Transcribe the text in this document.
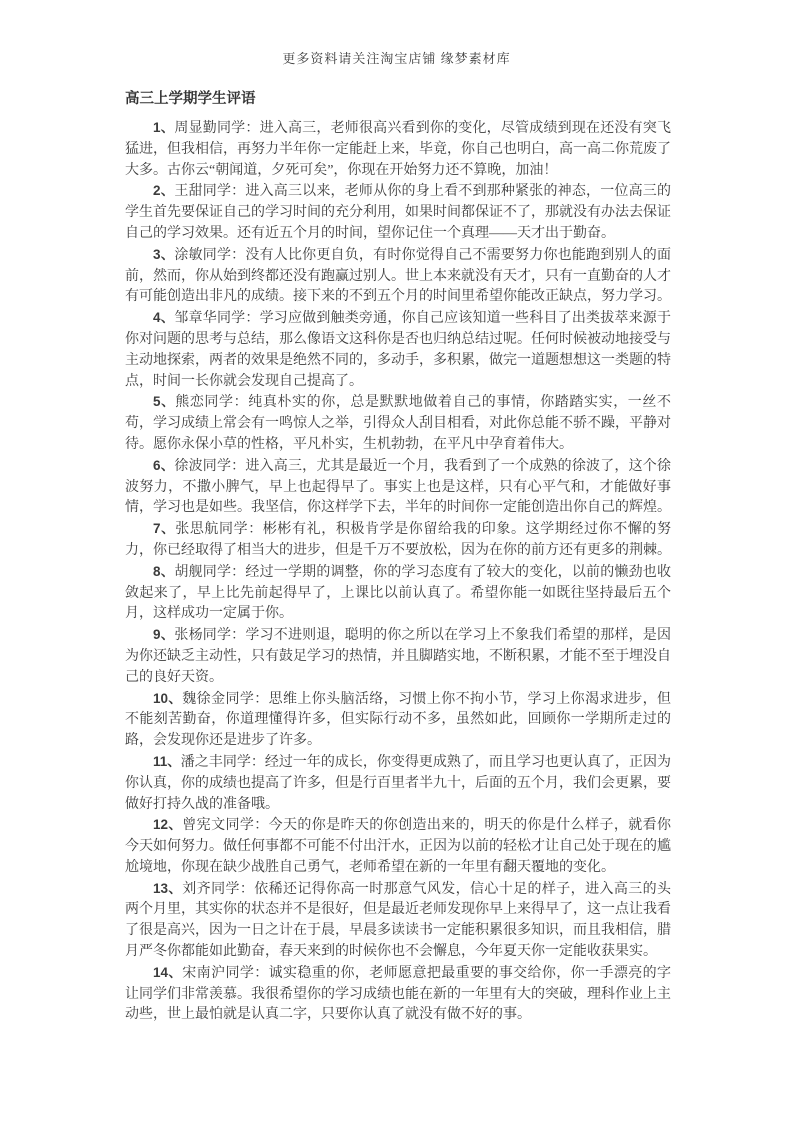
更多资料请关注淘宝店铺 缘梦素材库
高三上学期学生评语

1、周显勤同学：进入高三，老师很高兴看到你的变化，尽管成绩到现在还没有突飞猛进，但我相信，再努力半年你一定能赶上来，毕竟，你自己也明白，高一高二你荒废了大多。古你云“朝闻道，夕死可矣”，你现在开始努力还不算晚，加油！

2、王甜同学：进入高三以来，老师从你的身上看不到那种紧张的神态，一位高三的学生首先要保证自己的学习时间的充分利用，如果时间都保证不了，那就没有办法去保证自己的学习效果。还有近五个月的时间，望你记住一个真理——天才出于勤奋。

3、涂敏同学：没有人比你更自负，有时你觉得自己不需要努力你也能跑到别人的面前，然而，你从始到终都还没有跑赢过别人。世上本来就没有天才，只有一直勤奋的人才有可能创造出非凡的成绩。接下来的不到五个月的时间里希望你能改正缺点，努力学习。

4、邹章华同学：学习应做到触类旁通，你自己应该知道一些科目了出类拔萃来源于你对问题的思考与总结，那么像语文这科你是否也归纳总结过呢。任何时候被动地接受与主动地探索，两者的效果是绝然不同的，多动手，多积累，做完一道题想想这一类题的特点，时间一长你就会发现自己提高了。

5、熊恋同学：纯真朴实的你，总是默默地做着自己的事情，你踏踏实实，一丝不苟，学习成绩上常会有一鸣惊人之举，引得众人刮目相看，对此你总能不骄不躁，平静对待。愿你永保小草的性格，平凡朴实，生机勃勃，在平凡中孕育着伟大。

6、徐波同学：进入高三，尤其是最近一个月，我看到了一个成熟的徐波了，这个徐波努力，不撒小脾气，早上也起得早了。事实上也是这样，只有心平气和，才能做好事情，学习也是如些。我坚信，你这样学下去，半年的时间你一定能创造出你自己的辉煌。

7、张思航同学：彬彬有礼，积极肯学是你留给我的印象。这学期经过你不懈的努力，你已经取得了相当大的进步，但是千万不要放松，因为在你的前方还有更多的荆棘。

8、胡舰同学：经过一学期的调整，你的学习态度有了较大的变化，以前的懒劲也收敛起来了，早上比先前起得早了，上课比以前认真了。希望你能一如既往坚持最后五个月，这样成功一定属于你。

9、张杨同学：学习不进则退，聪明的你之所以在学习上不象我们希望的那样，是因为你还缺乏主动性，只有鼓足学习的热情，并且脚踏实地，不断积累，才能不至于埋没自己的良好天资。

10、魏徐金同学：思维上你头脑活络，习惯上你不拘小节，学习上你渴求进步，但不能刻苦勤奋，你道理懂得许多，但实际行动不多，虽然如此，回顾你一学期所走过的路，会发现你还是进步了许多。

11、潘之丰同学：经过一年的成长，你变得更成熟了，而且学习也更认真了，正因为你认真，你的成绩也提高了许多，但是行百里者半九十，后面的五个月，我们会更累，要做好打持久战的准备哦。

12、曾宪文同学：今天的你是昨天的你创造出来的，明天的你是什么样子，就看你今天如何努力。做任何事都不可能不付出汗水，正因为以前的轻松才让自己处于现在的尴尬境地，你现在缺少战胜自己勇气，老师希望在新的一年里有翻天覆地的变化。

13、刘齐同学：依稀还记得你高一时那意气风发，信心十足的样子，进入高三的头两个月里，其实你的状态并不是很好，但是最近老师发现你早上来得早了，这一点让我看了很是高兴，因为一日之计在于晨，早晨多读读书一定能积累很多知识，而且我相信，腊月严冬你都能如此勤奋，春天来到的时候你也不会懈息，今年夏天你一定能收获果实。

14、宋南沪同学：诚实稳重的你，老师愿意把最重要的事交给你，你一手漂亮的字让同学们非常羡慕。我很希望你的学习成绩也能在新的一年里有大的突破，理科作业上主动些，世上最怕就是认真二字，只要你认真了就没有做不好的事。
